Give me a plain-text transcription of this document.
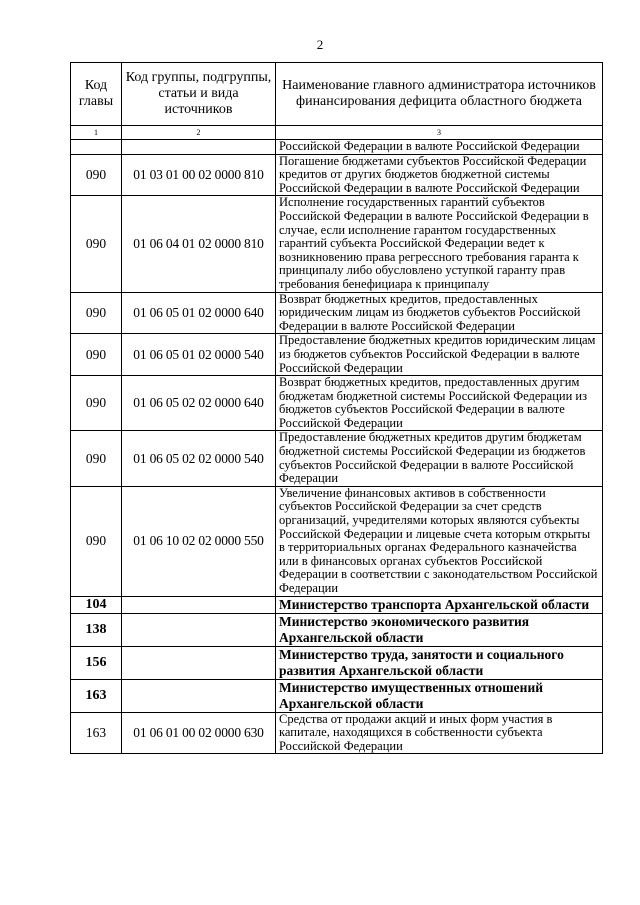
2
Код главы	Код группы, подгруппы, статьи и вида источников	Наименование главного администратора источников финансирования дефицита областного бюджета
1	2	3
		Российской Федерации в валюте Российской Федерации
090	01 03 01 00 02 0000 810	Погашение бюджетами субъектов Российской Федерации кредитов от других бюджетов бюджетной системы Российской Федерации в валюте Российской Федерации
090	01 06 04 01 02 0000 810	Исполнение государственных гарантий субъектов Российской Федерации в валюте Российской Федерации в случае, если исполнение гарантом государственных гарантий субъекта Российской Федерации ведет к возникновению права регрессного требования гаранта к принципалу либо обусловлено уступкой гаранту прав требования бенефициара к принципалу
090	01 06 05 01 02 0000 640	Возврат бюджетных кредитов, предоставленных юридическим лицам из бюджетов субъектов Российской Федерации в валюте Российской Федерации
090	01 06 05 01 02 0000 540	Предоставление бюджетных кредитов юридическим лицам из бюджетов субъектов Российской Федерации в валюте Российской Федерации
090	01 06 05 02 02 0000 640	Возврат бюджетных кредитов, предоставленных другим бюджетам бюджетной системы Российской Федерации из бюджетов субъектов Российской Федерации в валюте Российской Федерации
090	01 06 05 02 02 0000 540	Предоставление бюджетных кредитов другим бюджетам бюджетной системы Российской Федерации из бюджетов субъектов Российской Федерации в валюте Российской Федерации
090	01 06 10 02 02 0000 550	Увеличение финансовых активов в собственности субъектов Российской Федерации за счет средств организаций, учредителями которых являются субъекты Российской Федерации и лицевые счета которым открыты в территориальных органах Федерального казначейства или в финансовых органах субъектов Российской Федерации в соответствии с законодательством Российской Федерации
104		Министерство транспорта Архангельской области
138		Министерство экономического развития Архангельской области
156		Министерство труда, занятости и социального развития Архангельской области
163		Министерство имущественных отношений Архангельской области
163	01 06 01 00 02 0000 630	Средства от продажи акций и иных форм участия в капитале, находящихся в собственности субъекта Российской Федерации
